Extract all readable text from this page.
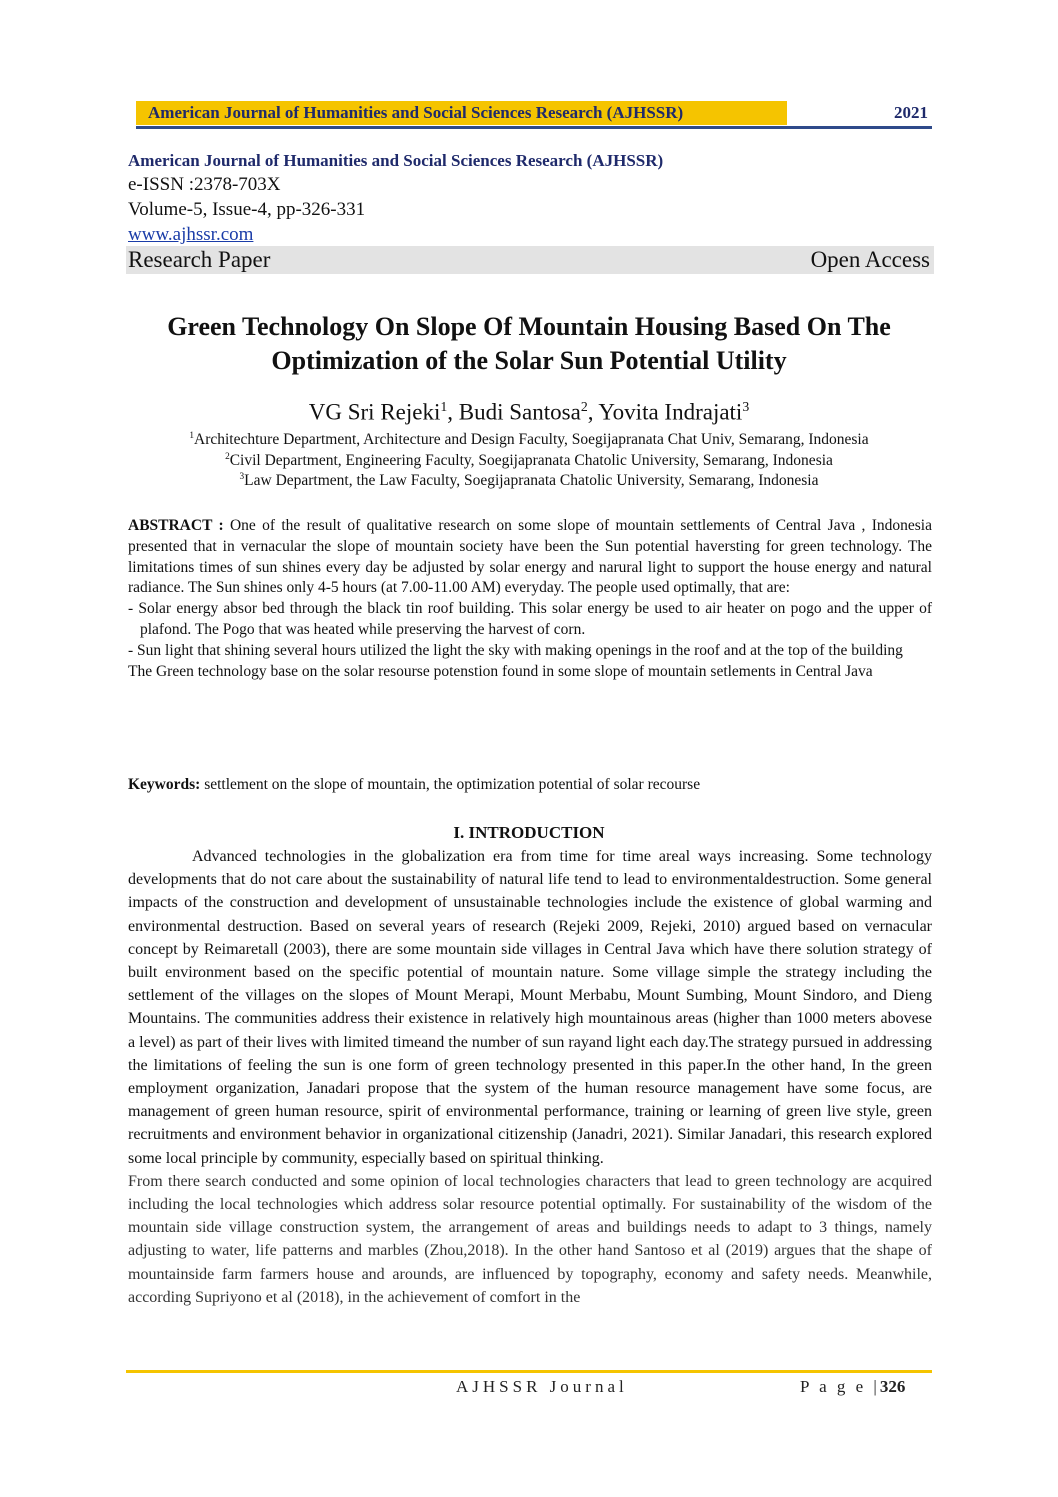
American Journal of Humanities and Social Sciences Research (AJHSSR)	2021
American Journal of Humanities and Social Sciences Research (AJHSSR)
e-ISSN :2378-703X
Volume-5, Issue-4, pp-326-331
www.ajhssr.com
Research Paper	Open Access
Green Technology On Slope Of Mountain Housing Based On The
Optimization of the Solar Sun Potential Utility
VG Sri Rejeki$^1$, Budi Santosa$^2$, Yovita Indrajati$^3$
$^1$Architechture Department, Architecture and Design Faculty, Soegijapranata Chat Univ, Semarang, Indonesia
$^2$Civil Department, Engineering Faculty, Soegijapranata Chatolic University, Semarang, Indonesia
$^3$Law Department, the Law Faculty, Soegijapranata Chatolic University, Semarang, Indonesia
ABSTRACT : One of the result of qualitative research on some slope of mountain settlements of Central Java , Indonesia presented that in vernacular the slope of mountain society have been the Sun potential haversting for green technology. The limitations times of sun shines every day be adjusted by solar energy and narural light to support the house energy and natural radiance. The Sun shines only 4-5 hours (at 7.00-11.00 AM) everyday. The people used optimally, that are:
- Solar energy absor bed through the black tin roof building. This solar energy be used to air heater on pogo and the upper of plafond. The Pogo that was heated while preserving the harvest of corn.
- Sun light that shining several hours utilized the light the sky with making openings in the roof and at the top of the building
The Green technology base on the solar resourse potenstion found in some slope of mountain setlements in Central Java
Keywords: settlement on the slope of mountain, the optimization potential of solar recourse
I. INTRODUCTION

Advanced technologies in the globalization era from time for time areal ways increasing. Some technology developments that do not care about the sustainability of natural life tend to lead to environmentaldestruction. Some general impacts of the construction and development of unsustainable technologies include the existence of global warming and environmental destruction. Based on several years of research (Rejeki 2009, Rejeki, 2010) argued based on vernacular concept by Reimaretall (2003), there are some mountain side villages in Central Java which have there solution strategy of built environment based on the specific potential of mountain nature. Some village simple the strategy including the settlement of the villages on the slopes of Mount Merapi, Mount Merbabu, Mount Sumbing, Mount Sindoro, and Dieng Mountains. The communities address their existence in relatively high mountainous areas (higher than 1000 meters abovese a level) as part of their lives with limited timeand the number of sun rayand light each day.The strategy pursued in addressing the limitations of feeling the sun is one form of green technology presented in this paper.In the other hand, In the green employment organization, Janadari propose that the system of the human resource management have some focus, are management of green human resource, spirit of environmental performance, training or learning of green live style, green recruitments and environment behavior in organizational citizenship (Janadri, 2021). Similar Janadari, this research explored some local principle by community, especially based on spiritual thinking.

From there search conducted and some opinion of local technologies characters that lead to green technology are acquired including the local technologies which address solar resource potential optimally. For sustainability of the wisdom of the mountain side village construction system, the arrangement of areas and buildings needs to adapt to 3 things, namely adjusting to water, life patterns and marbles (Zhou,2018). In the other hand Santoso et al (2019) argues that the shape of mountainside farm farmers house and arounds, are influenced by topography, economy and safety needs. Meanwhile, according Supriyono et al (2018), in the achievement of comfort in the

AJHSSR Journal	P a g e |326
